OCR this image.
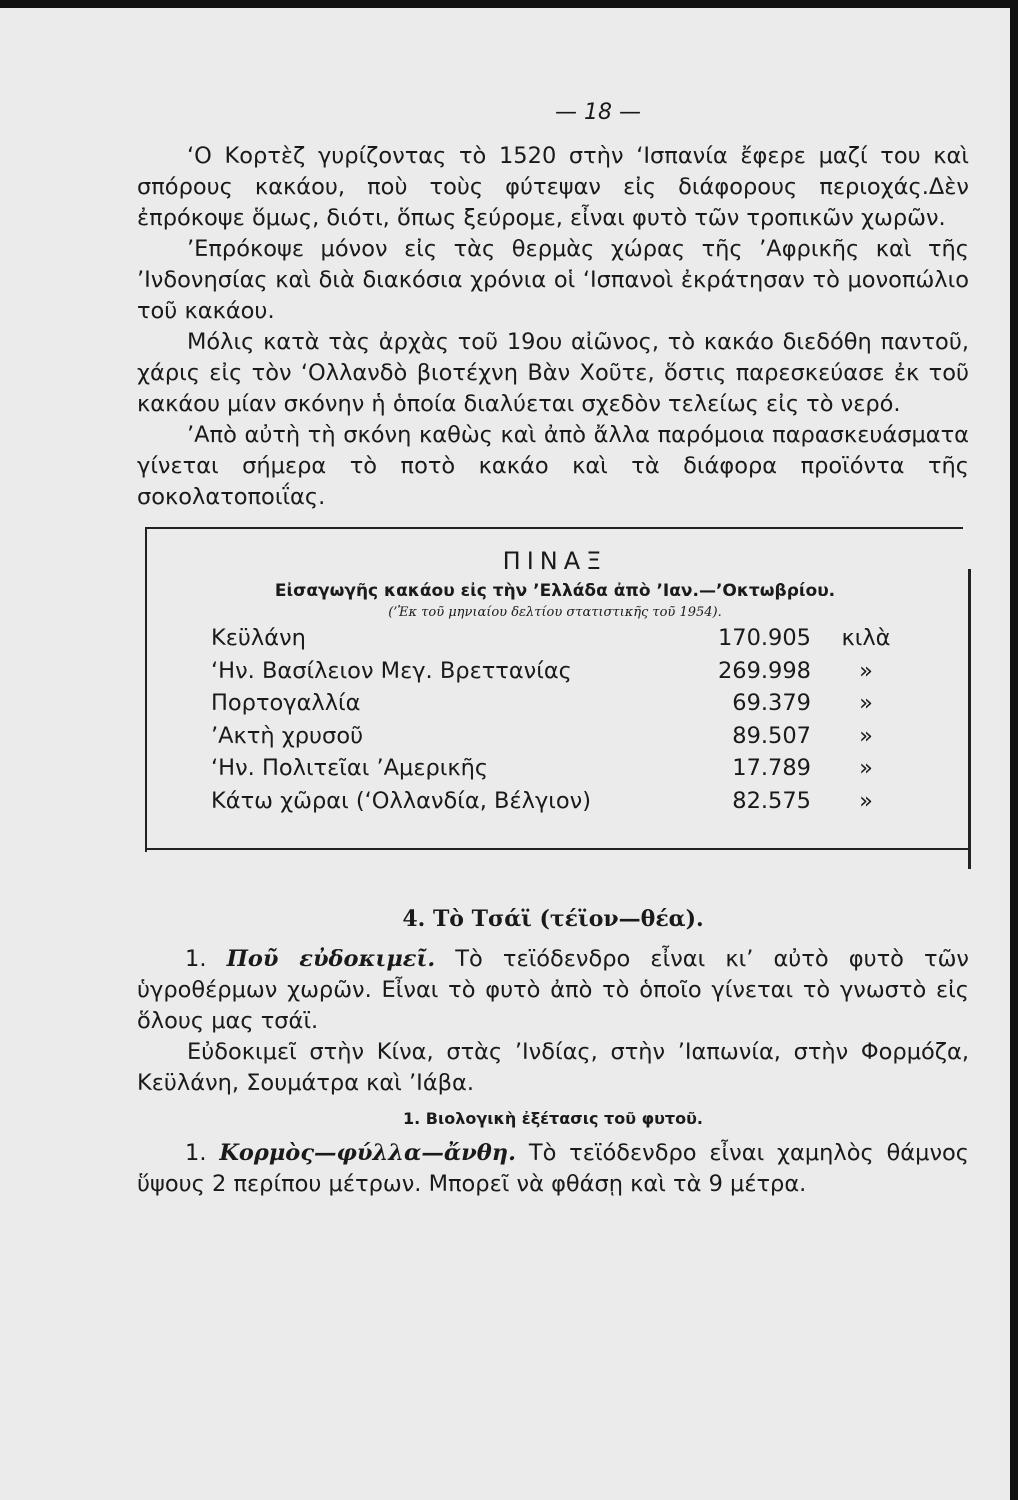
— 18 —

‘Ο Κορτὲζ γυρίζοντας τὸ 1520 στὴν ‘Ισπανία ἔφερε μαζί του καὶ σπόρους κακάου, ποὺ τοὺς φύτεψαν εἰς διάφορους περιοχάς.Δὲν ἐπρόκοψε ὅμως, διότι, ὅπως ξεύρομε, εἶναι φυτὸ τῶν τροπικῶν χωρῶν.

’Επρόκοψε μόνον εἰς τὰς θερμὰς χώρας τῆς ’Αφρικῆς καὶ τῆς ’Ινδονησίας καὶ διὰ διακόσια χρόνια οἱ ‘Ισπανοὶ ἐκράτησαν τὸ μονοπώλιο τοῦ κακάου.

Μόλις κατὰ τὰς ἀρχὰς τοῦ 19ου αἰῶνος, τὸ κακάο διεδόθη παντοῦ, χάρις εἰς τὸν ‘Ολλανδὸ βιοτέχνη Βὰν Χοῦτε, ὅστις παρεσκεύασε ἐκ τοῦ κακάου μίαν σκόνην ἡ ὁποία διαλύεται σχεδὸν τελείως εἰς τὸ νερό.

’Απὸ αὐτὴ τὴ σκόνη καθὼς καὶ ἀπὸ ἄλλα παρόμοια παρασκευάσματα γίνεται σήμερα τὸ ποτὸ κακάο καὶ τὰ διάφορα προϊόντα τῆς σοκολατοποιΐας.

ΠΙΝΑΞ
Εἰσαγωγῆς κακάου εἰς τὴν ’Ελλάδα ἀπὸ ’Ιαν.—’Οκτωβρίου.
(’Ἐκ τοῦ μηνιαίου δελτίου στατιστικῆς τοῦ 1954).
Κεϋλάνη	170.905	κιλὰ
‘Ην. Βασίλειον Μεγ. Βρεττανίας	269.998	»
Πορτογαλλία	69.379	»
’Ακτὴ χρυσοῦ	89.507	»
‘Ην. Πολιτεῖαι ’Αμερικῆς	17.789	»
Κάτω χῶραι (‘Ολλανδία, Βέλγιον)	82.575	»
4. Τὸ Τσάϊ (τέϊον—θέα).

1. Ποῦ εὐδοκιμεῖ. Τὸ τεϊόδενδρο εἶναι κι’ αὐτὸ φυτὸ τῶν ὑγροθέρμων χωρῶν. Εἶναι τὸ φυτὸ ἀπὸ τὸ ὁποῖο γίνεται τὸ γνωστὸ εἰς ὅλους μας τσάϊ.

Εὐδοκιμεῖ στὴν Κίνα, στὰς ’Ινδίας, στὴν ’Ιαπωνία, στὴν Φορμόζα, Κεϋλάνη, Σουμάτρα καὶ ’Ιάβα.

1. Βιολογικὴ ἐξέτασις τοῦ φυτοῦ.

1. Κορμὸς—φύλλα—ἄνθη. Τὸ τεϊόδενδρο εἶναι χαμηλὸς θάμνος ὕψους 2 περίπου μέτρων. Μπορεῖ νὰ φθάσῃ καὶ τὰ 9 μέτρα.
